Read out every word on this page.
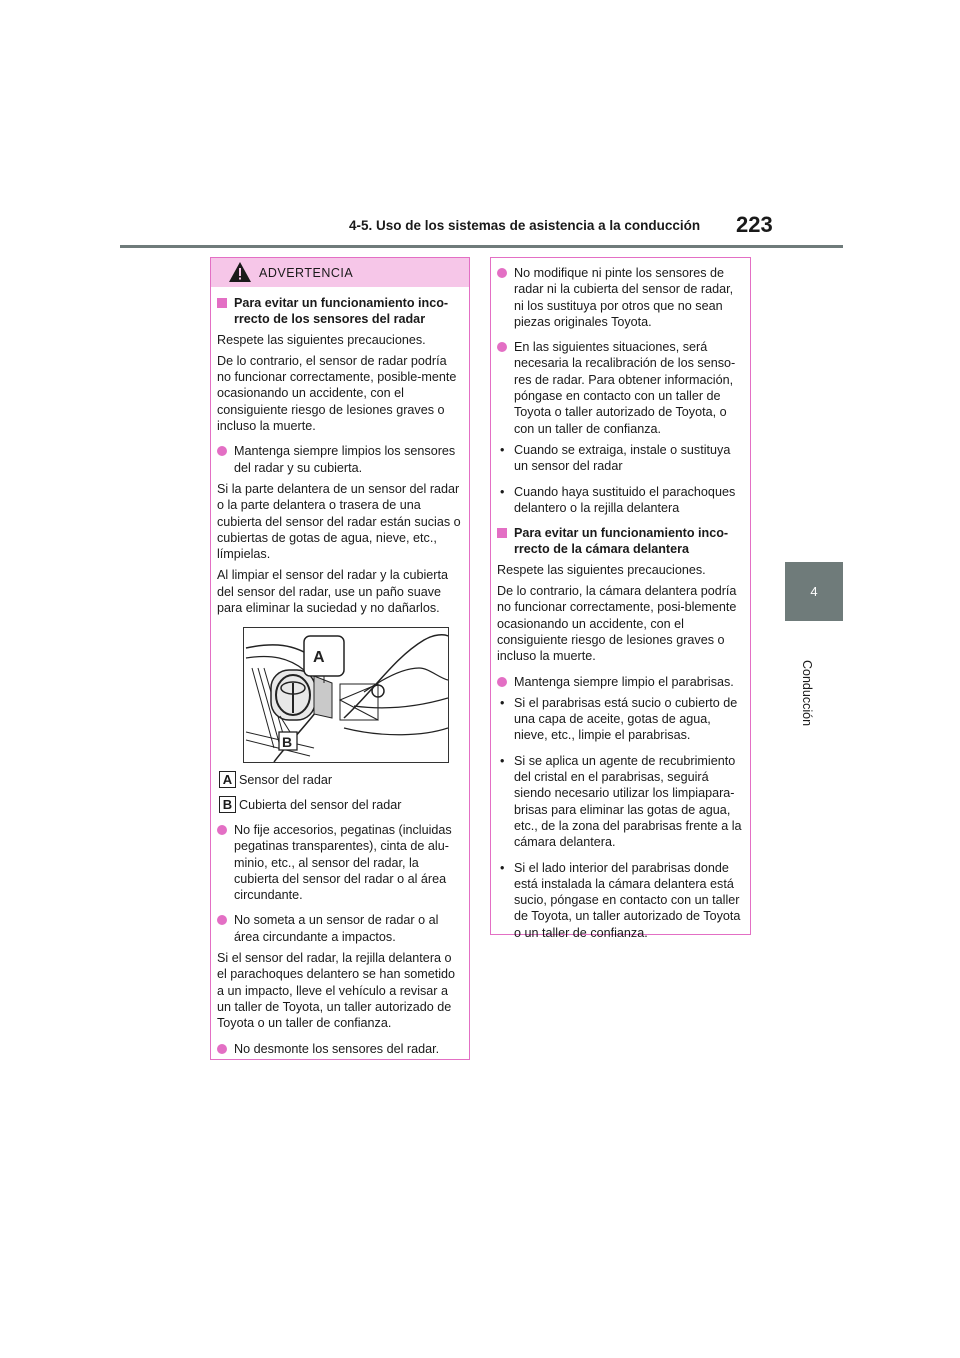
4-5. Uso de los sistemas de asistencia a la conducción 223
4
Conducción
ADVERTENCIA
Para evitar un funcionamiento inco-rrecto de los sensores del radar

Respete las siguientes precauciones.

De lo contrario, el sensor de radar podría no funcionar correctamente, posible-mente ocasionando un accidente, con el consiguiente riesgo de lesiones graves o incluso la muerte.

Mantenga siempre limpios los sensores del radar y su cubierta.

Si la parte delantera de un sensor del radar o la parte delantera o trasera de una cubierta del sensor del radar están sucias o cubiertas de gotas de agua, nieve, etc., límpielas.

Al limpiar el sensor del radar y la cubierta del sensor del radar, use un paño suave para eliminar la suciedad y no dañarlos.

A
B
A Sensor del radar
B Cubierta del sensor del radar
No fije accesorios, pegatinas (incluidas pegatinas transparentes), cinta de alu-minio, etc., al sensor del radar, la cubierta del sensor del radar o al área circundante.
No someta a un sensor de radar o al área circundante a impactos.

Si el sensor del radar, la rejilla delantera o el parachoques delantero se han sometido a un impacto, lleve el vehículo a revisar a un taller de Toyota, un taller autorizado de Toyota o un taller de confianza.

No desmonte los sensores del radar.
No modifique ni pinte los sensores de radar ni la cubierta del sensor de radar, ni los sustituya por otros que no sean piezas originales Toyota.
En las siguientes situaciones, será necesaria la recalibración de los senso-res de radar. Para obtener información, póngase en contacto con un taller de Toyota o taller autorizado de Toyota, o con un taller de confianza.
• Cuando se extraiga, instale o sustituya un sensor del radar
• Cuando haya sustituido el parachoques delantero o la rejilla delantera
Para evitar un funcionamiento inco-rrecto de la cámara delantera

Respete las siguientes precauciones.

De lo contrario, la cámara delantera podría no funcionar correctamente, posi-blemente ocasionando un accidente, con el consiguiente riesgo de lesiones graves o incluso la muerte.

Mantenga siempre limpio el parabrisas.
• Si el parabrisas está sucio o cubierto de una capa de aceite, gotas de agua, nieve, etc., limpie el parabrisas.
• Si se aplica un agente de recubrimiento del cristal en el parabrisas, seguirá siendo necesario utilizar los limpiapara-brisas para eliminar las gotas de agua, etc., de la zona del parabrisas frente a la cámara delantera.
• Si el lado interior del parabrisas donde está instalada la cámara delantera está sucio, póngase en contacto con un taller de Toyota, un taller autorizado de Toyota o un taller de confianza.
